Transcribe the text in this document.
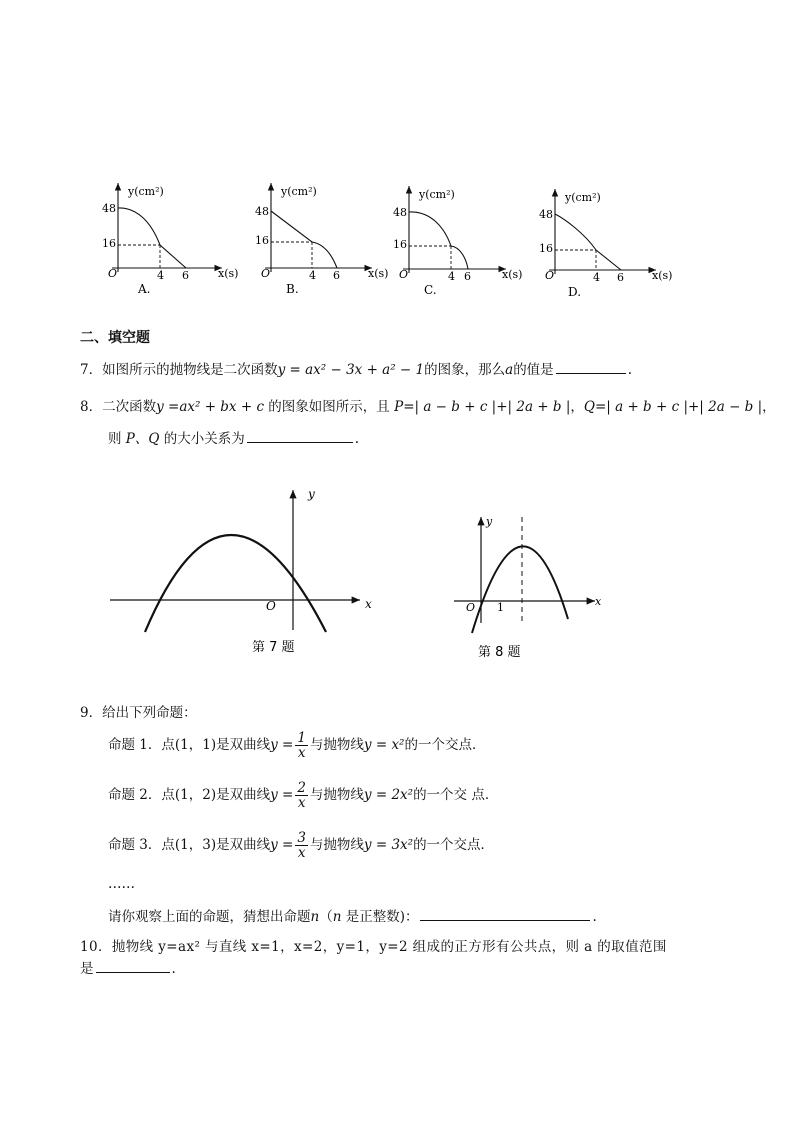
y(cm²)
48
16
O	4 6	x(s)
A.
y(cm²)
48
16
O	4 6	x(s)
B.
y(cm²)
48
16
O	4 6	x(s)
C.
y(cm²)
48
16
O	4 6	x(s)
D.
二、填空题
7．如图所示的抛物线是二次函数y = ax² − 3x + a² − 1的图象，那么a的值是	.
8．二次函数y =ax² + bx + c 的图象如图所示，且 P=| a − b + c |+| 2a + b |，Q=| a + b + c |+| 2a − b |，
则 P、Q 的大小关系为	.
x
y
O
第 7 题
x
y
O 1
第 8 题
9．给出下列命题：
命题 1．点(1，1)是双曲线$y = \frac{1}{x}$ 与抛物线y = x²的一个交点．
命题 2．点(1，2)是双曲线$y = \frac{2}{x}$ 与抛物线y = 2x²的一个交 点．
命题 3．点(1，3)是双曲线$y = \frac{3}{x}$ 与抛物线y = 3x²的一个交点．
……
请你观察上面的命题，猜想出命题n（n 是正整数)：	.
10．抛物线 y=ax² 与直线 x=1，x=2，y=1，y=2 组成的正方形有公共点，则 a 的取值范围
是	.
